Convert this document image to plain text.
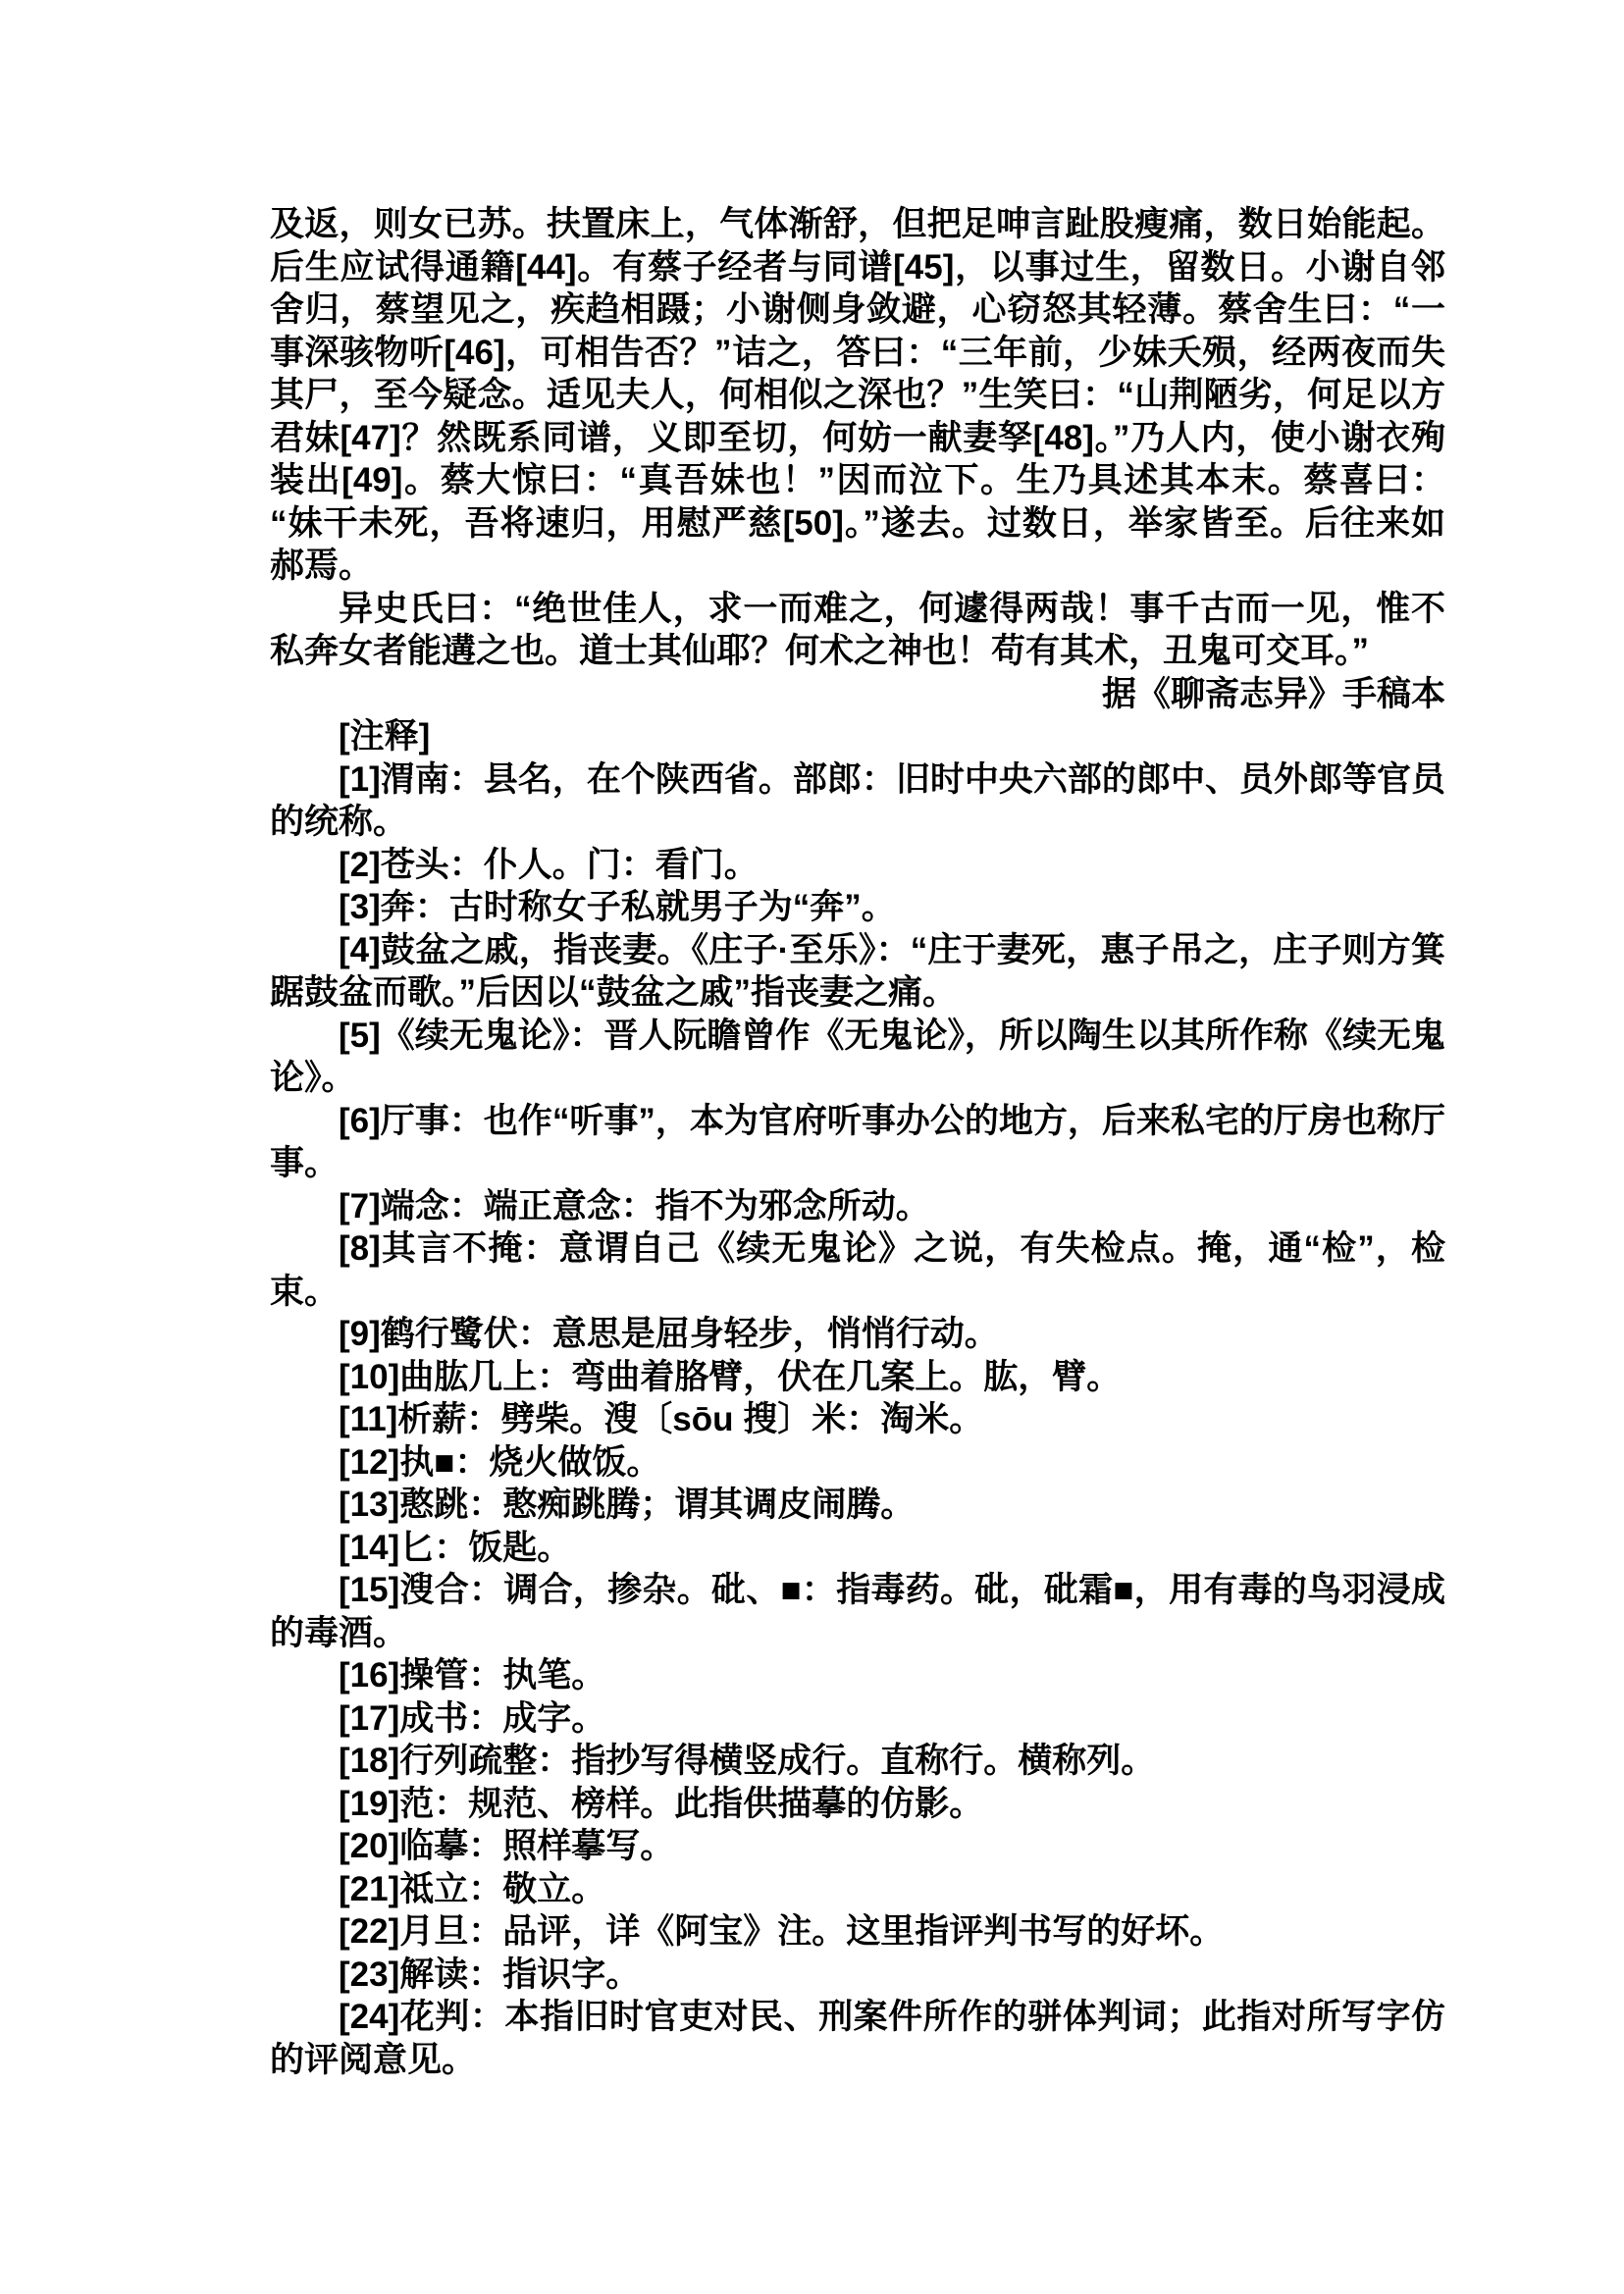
及返，则女已苏。扶置床上，气体渐舒，但把足呻言趾股瘦痛，数日始能起。后生应试得通籍[44]。有蔡子经者与同谱[45]，以事过生，留数日。小谢自邻舍归，蔡望见之，疾趋相蹑；小谢侧身敛避，心窃怒其轻薄。蔡舍生曰：“一事深骇物听[46]，可相告否？”诘之，答曰：“三年前，少妹夭殒，经两夜而失其尸，至今疑念。适见夫人，何相似之深也？”生笑曰：“山荆陋劣，何足以方君妹[47]？然既系同谱，义即至切，何妨一献妻孥[48]。”乃人内，使小谢衣殉装出[49]。蔡大惊曰：“真吾妹也！”因而泣下。生乃具述其本末。蔡喜曰：“妹干未死，吾将速归，用慰严慈[50]。”遂去。过数日，举家皆至。后往来如郝焉。

异史氏曰：“绝世佳人，求一而难之，何遽得两哉！事千古而一见，惟不私奔女者能遘之也。道士其仙耶？何术之神也！苟有其术，丑鬼可交耳。”

据《聊斋志异》手稿本

[注释]

[1]渭南：县名，在个陕西省。部郎：旧时中央六部的郎中、员外郎等官员的统称。

[2]苍头：仆人。门：看门。

[3]奔：古时称女子私就男子为“奔”。

[4]鼓盆之戚，指丧妻。《庄子·至乐》：“庄于妻死，惠子吊之，庄子则方箕踞鼓盆而歌。”后因以“鼓盆之戚”指丧妻之痛。

[5]《续无鬼论》：晋人阮瞻曾作《无鬼论》，所以陶生以其所作称《续无鬼论》。

[6]厅事：也作“听事”，本为官府听事办公的地方，后来私宅的厅房也称厅事。

[7]端念：端正意念：指不为邪念所动。

[8]其言不掩：意谓自己《续无鬼论》之说，有失检点。掩，通“检”，检束。

[9]鹤行鹭伏：意思是屈身轻步，悄悄行动。

[10]曲肱几上：弯曲着胳臂，伏在几案上。肱，臂。

[11]析薪：劈柴。溲〔sōu 搜〕米：淘米。

[12]执■：烧火做饭。

[13]憨跳：憨痴跳腾；谓其调皮闹腾。

[14]匕：饭匙。

[15]溲合：调合，掺杂。砒、■：指毒药。砒，砒霜■，用有毒的鸟羽浸成的毒酒。

[16]操管：执笔。

[17]成书：成字。

[18]行列疏整：指抄写得横竖成行。直称行。横称列。

[19]范：规范、榜样。此指供描摹的仿影。

[20]临摹：照样摹写。

[21]祗立：敬立。

[22]月旦：品评，详《阿宝》注。这里指评判书写的好坏。

[23]解读：指识字。

[24]花判：本指旧时官吏对民、刑案件所作的骈体判词；此指对所写字仿的评阅意见。
